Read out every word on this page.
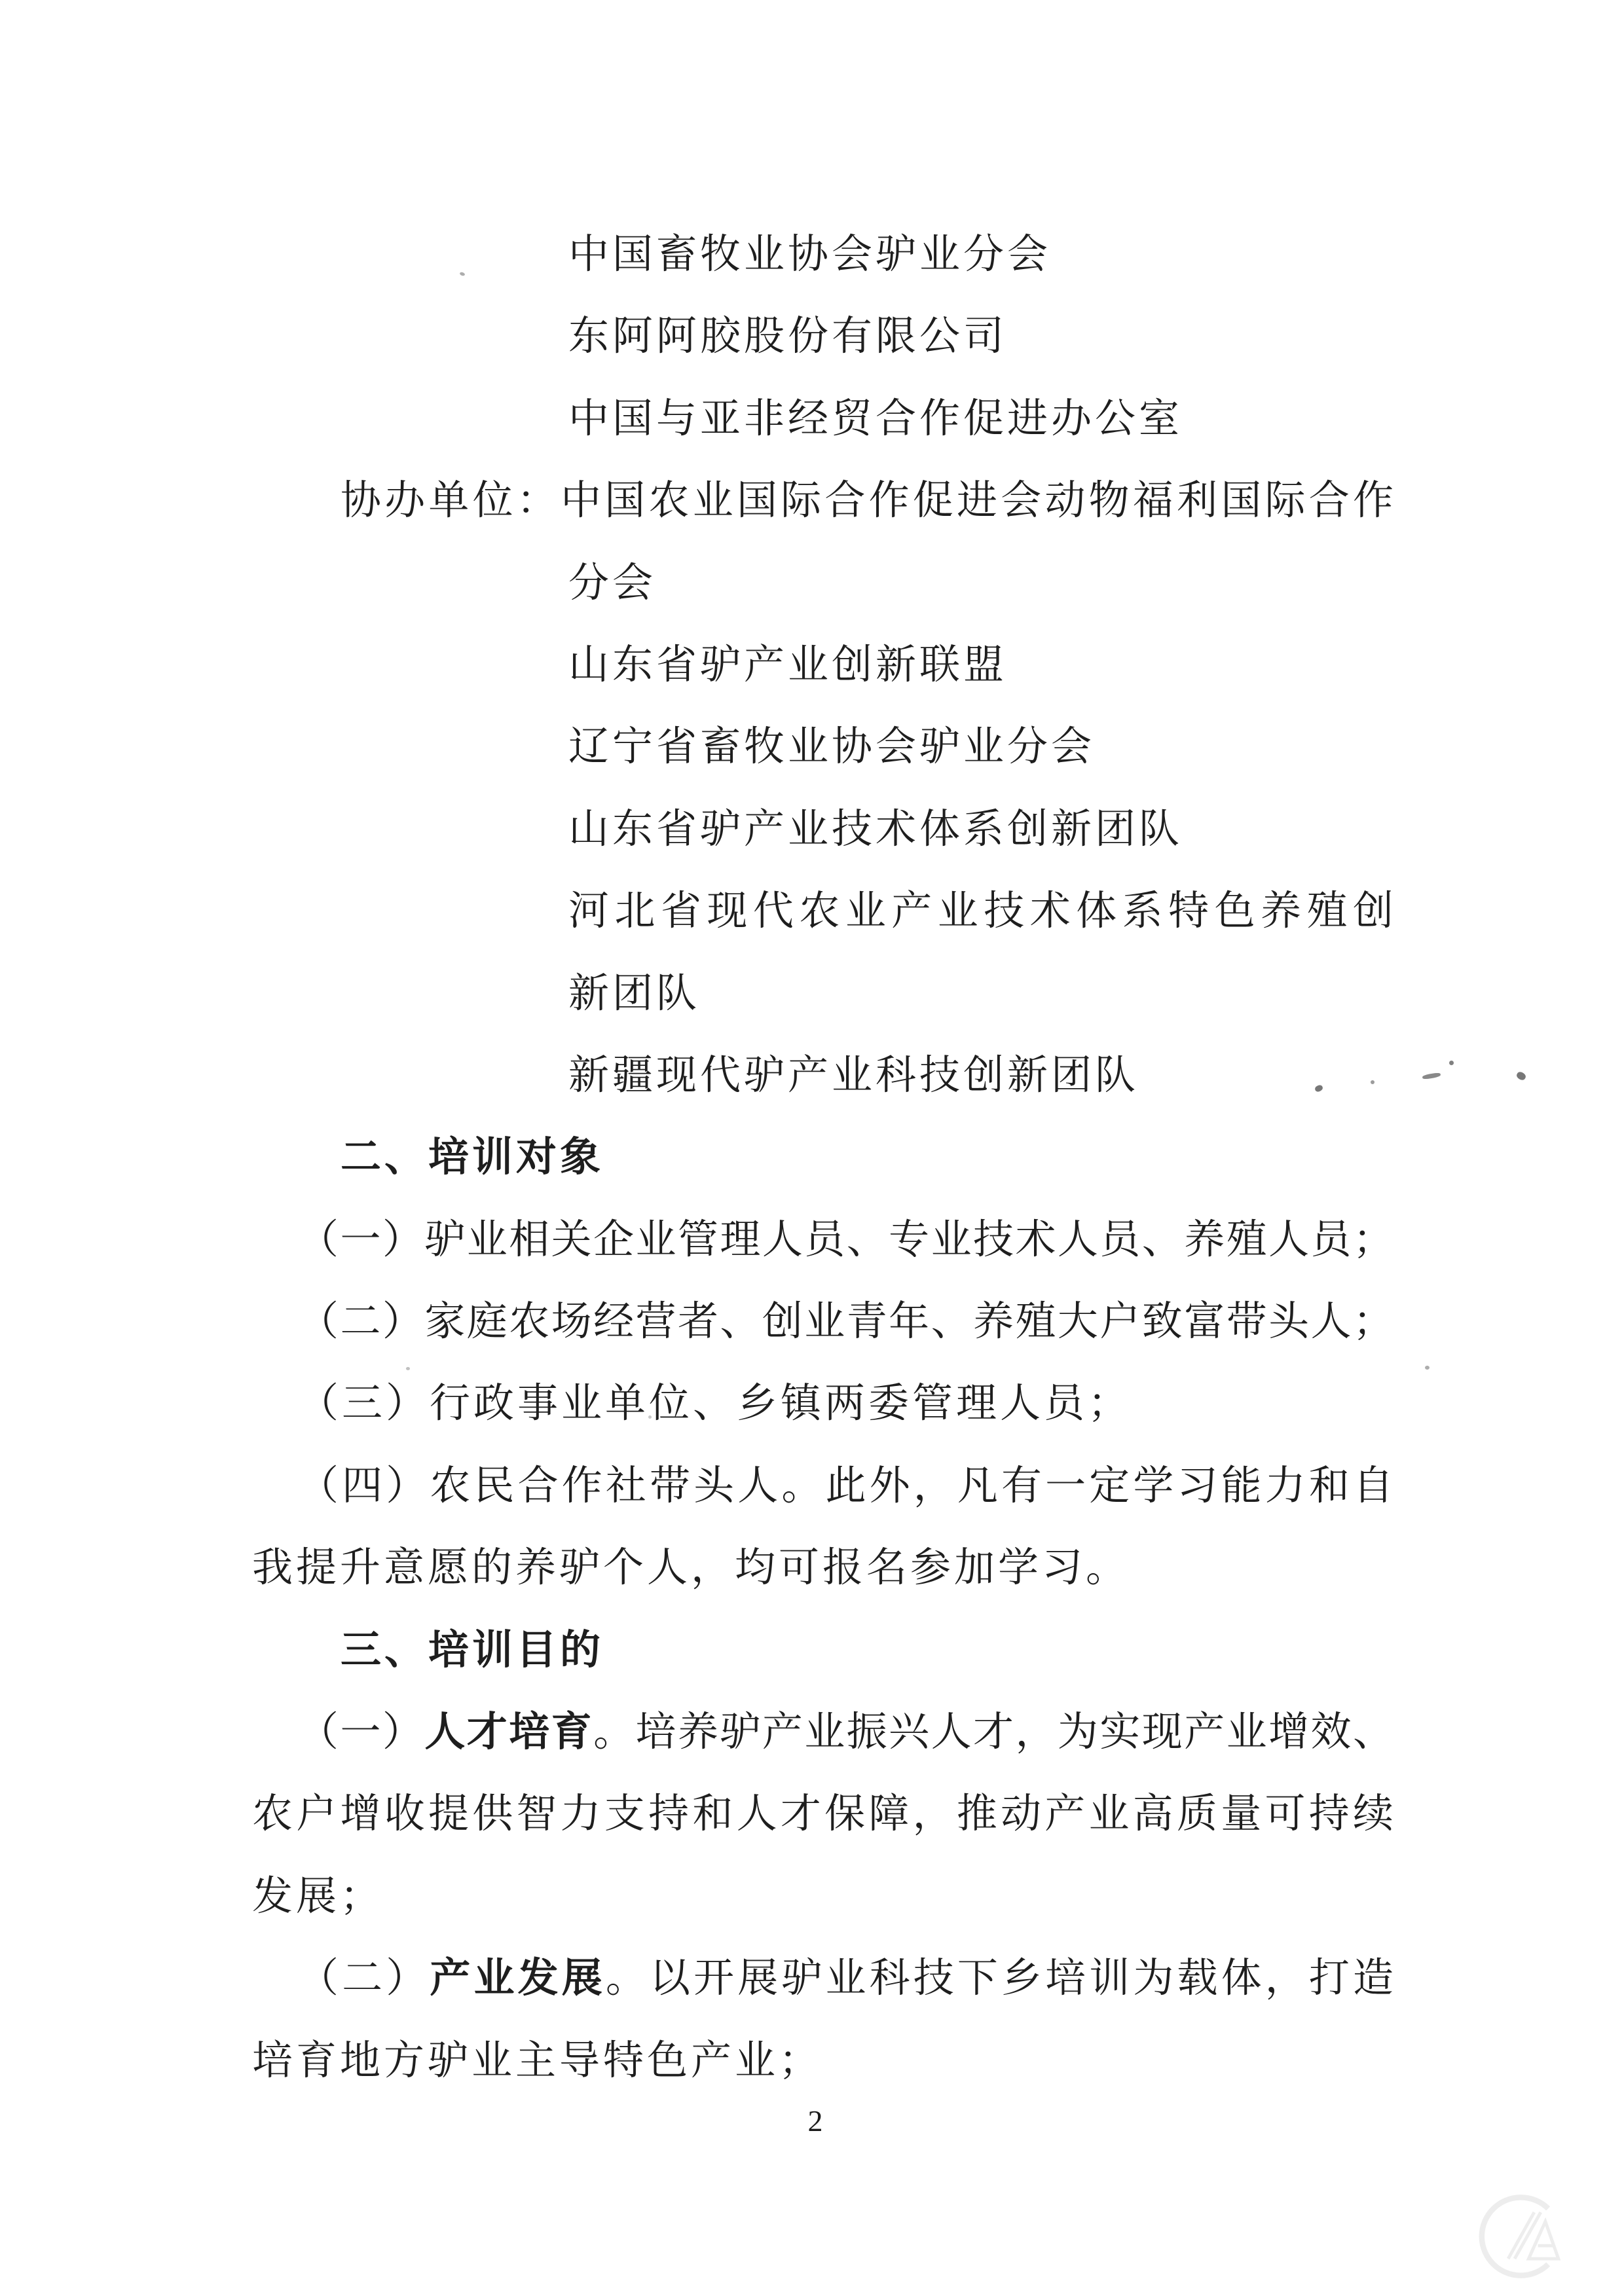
中国畜牧业协会驴业分会
东阿阿胶股份有限公司
中国与亚非经贸合作促进办公室
协办单位：中国农业国际合作促进会动物福利国际合作
分会
山东省驴产业创新联盟
辽宁省畜牧业协会驴业分会
山东省驴产业技术体系创新团队
河北省现代农业产业技术体系特色养殖创
新团队
新疆现代驴产业科技创新团队
二、培训对象
（一）驴业相关企业管理人员、专业技术人员、养殖人员；
（二）家庭农场经营者、创业青年、养殖大户致富带头人；
（三）行政事业单位、乡镇两委管理人员；
（四）农民合作社带头人。此外，凡有一定学习能力和自
我提升意愿的养驴个人，均可报名参加学习。
三、培训目的
（一）人才培育。培养驴产业振兴人才，为实现产业增效、
农户增收提供智力支持和人才保障，推动产业高质量可持续
发展；
（二）产业发展。以开展驴业科技下乡培训为载体，打造
培育地方驴业主导特色产业；
2
